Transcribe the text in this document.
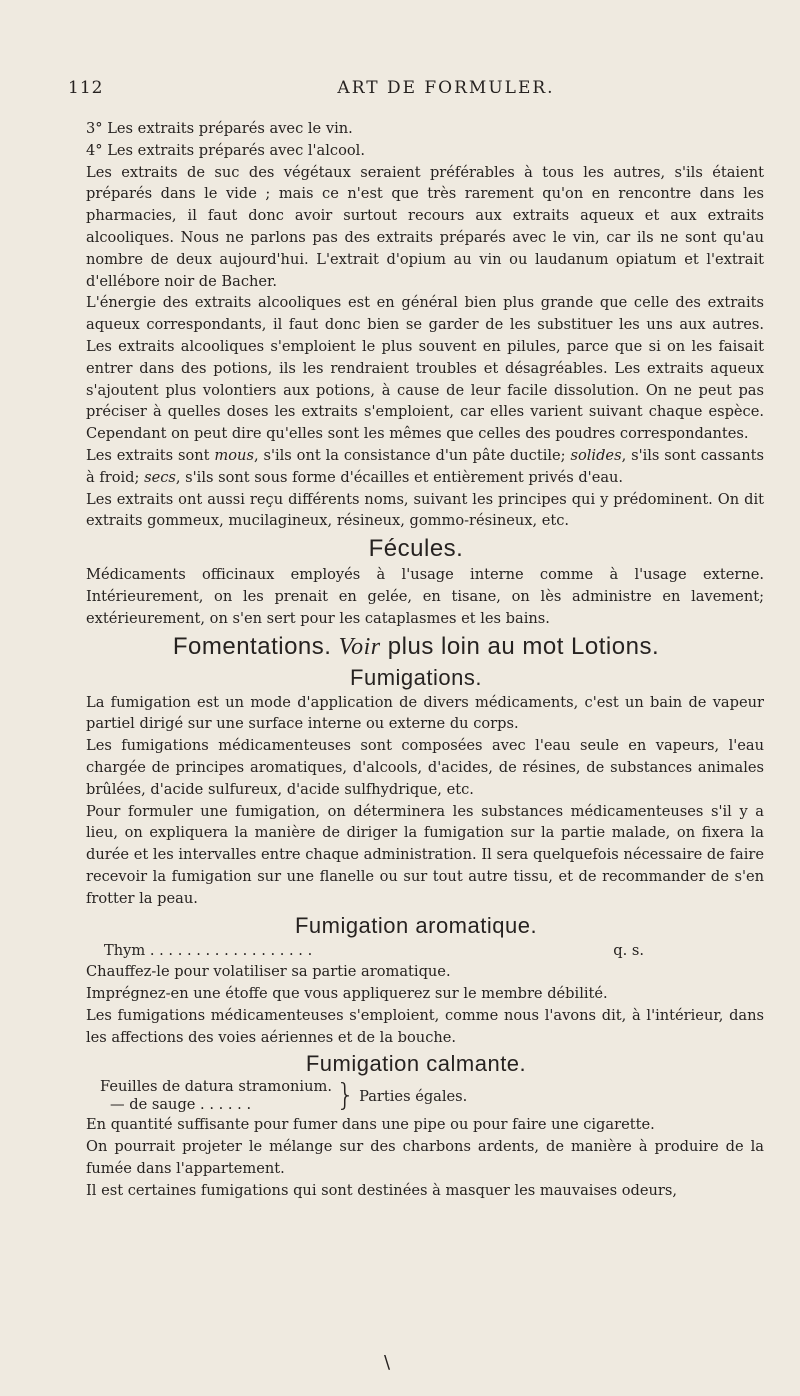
112	ART DE FORMULER.

3° Les extraits préparés avec le vin.

4° Les extraits préparés avec l'alcool.

Les extraits de suc des végétaux seraient préférables à tous les autres, s'ils étaient préparés dans le vide ; mais ce n'est que très rarement qu'on en rencontre dans les pharmacies, il faut donc avoir surtout recours aux extraits aqueux et aux extraits alcooliques. Nous ne parlons pas des extraits préparés avec le vin, car ils ne sont qu'au nombre de deux aujourd'hui. L'extrait d'opium au vin ou laudanum opiatum et l'extrait d'ellébore noir de Bacher.

L'énergie des extraits alcooliques est en général bien plus grande que celle des extraits aqueux correspondants, il faut donc bien se garder de les substituer les uns aux autres. Les extraits alcooliques s'emploient le plus souvent en pilules, parce que si on les faisait entrer dans des potions, ils les rendraient troubles et désagréables. Les extraits aqueux s'ajoutent plus volontiers aux potions, à cause de leur facile dissolution. On ne peut pas préciser à quelles doses les extraits s'emploient, car elles varient suivant chaque espèce. Cependant on peut dire qu'elles sont les mêmes que celles des poudres correspondantes.

Les extraits sont mous, s'ils ont la consistance d'un pâte ductile; solides, s'ils sont cassants à froid; secs, s'ils sont sous forme d'écailles et entièrement privés d'eau.

Les extraits ont aussi reçu différents noms, suivant les principes qui y prédominent. On dit extraits gommeux, mucilagineux, résineux, gommo-résineux, etc.

Fécules.

Médicaments officinaux employés à l'usage interne comme à l'usage externe. Intérieurement, on les prenait en gelée, en tisane, on lès administre en lavement; extérieurement, on s'en sert pour les cataplasmes et les bains.

Fomentations. Voir plus loin au mot Lotions.
Fumigations.

La fumigation est un mode d'application de divers médicaments, c'est un bain de vapeur partiel dirigé sur une surface interne ou externe du corps.

Les fumigations médicamenteuses sont composées avec l'eau seule en vapeurs, l'eau chargée de principes aromatiques, d'alcools, d'acides, de résines, de substances animales brûlées, d'acide sulfureux, d'acide sulfhydrique, etc.

Pour formuler une fumigation, on déterminera les substances médicamenteuses s'il y a lieu, on expliquera la manière de diriger la fumigation sur la partie malade, on fixera la durée et les intervalles entre chaque administration. Il sera quelquefois nécessaire de faire recevoir la fumigation sur une flanelle ou sur tout autre tissu, et de recommander de s'en frotter la peau.

Fumigation aromatique.
Thym . . . . . . . . . . . . . . . . . .	q. s.

Chauffez-le pour volatiliser sa partie aromatique.

Imprégnez-en une étoffe que vous appliquerez sur le membre débilité.

Les fumigations médicamenteuses s'emploient, comme nous l'avons dit, à l'intérieur, dans les affections des voies aériennes et de la bouche.

Fumigation calmante.
Feuilles de datura stramonium.
— de sauge . . . . . .	} Parties égales.

En quantité suffisante pour fumer dans une pipe ou pour faire une cigarette.

On pourrait projeter le mélange sur des charbons ardents, de manière à produire de la fumée dans l'appartement.

Il est certaines fumigations qui sont destinées à masquer les mauvaises odeurs,

\
